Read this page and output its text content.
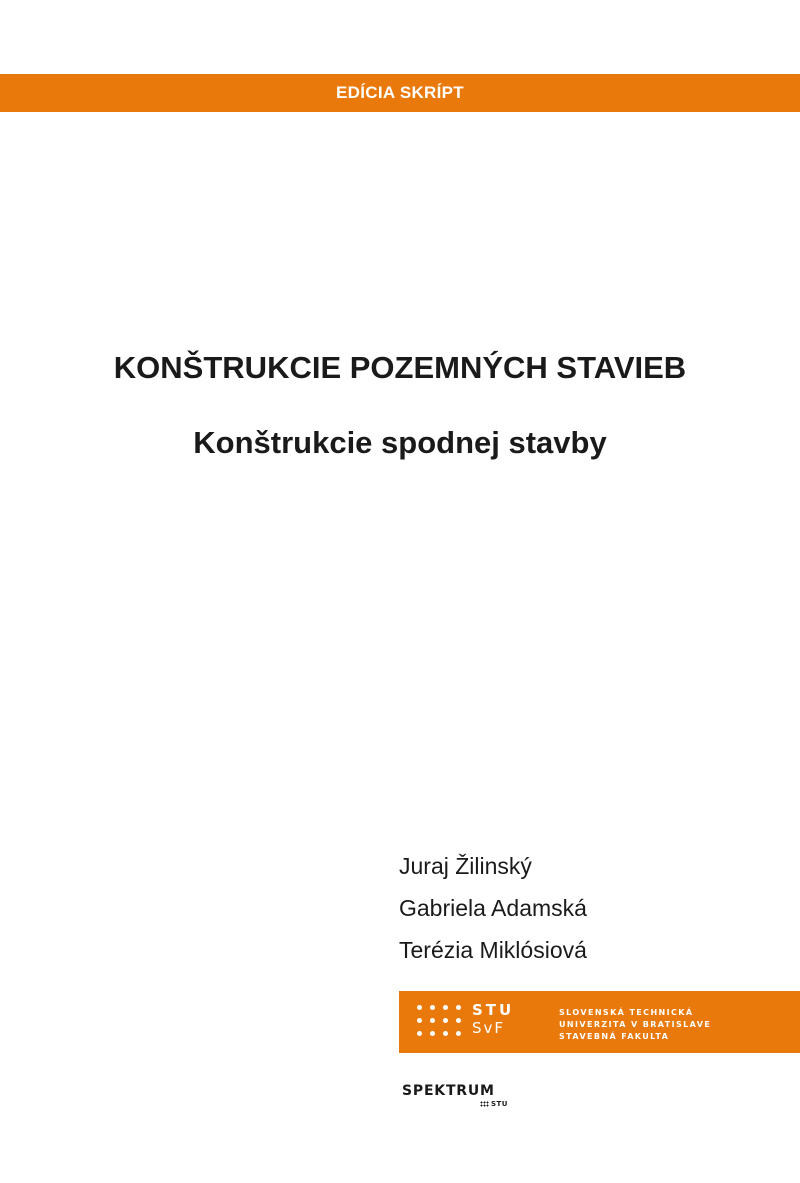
EDÍCIA SKRÍPT
KONŠTRUKCIE POZEMNÝCH STAVIEB
Konštrukcie spodnej stavby
Juraj Žilinský
Gabriela Adamská
Terézia Miklósiová
STU
SvF
SLOVENSKÁ TECHNICKÁ
UNIVERZITA V BRATISLAVE
STAVEBNÁ FAKULTA
SPEKTRUM
STU
